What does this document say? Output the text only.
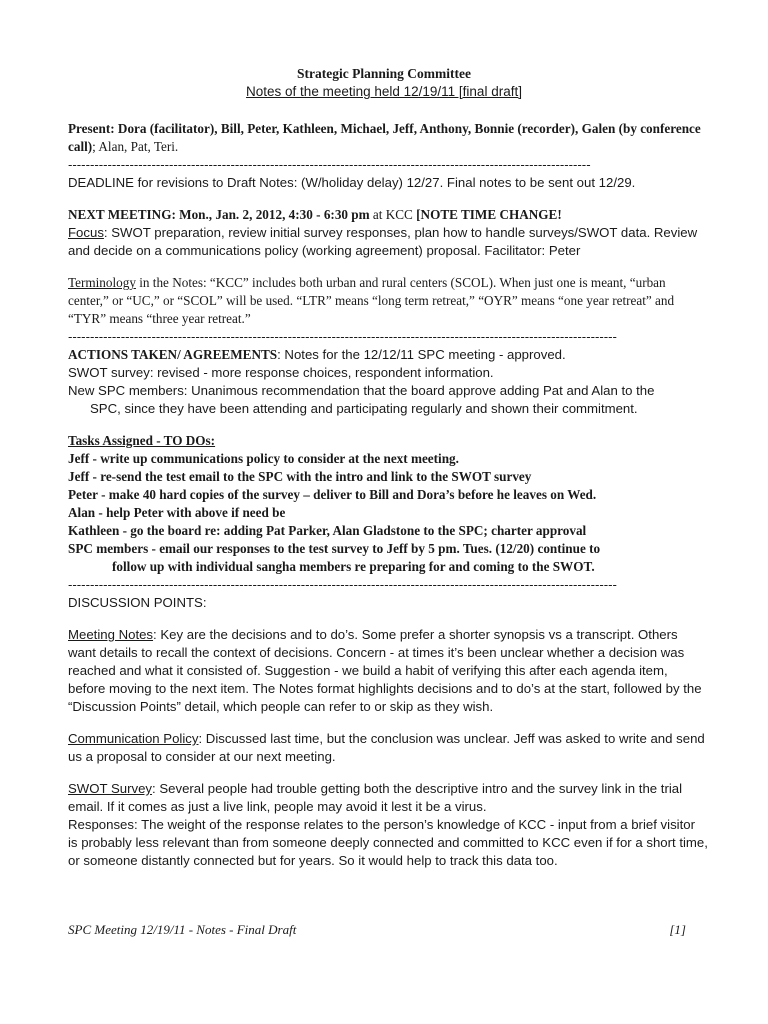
Strategic Planning Committee
Notes of the meeting held 12/19/11 [final draft]

Present: Dora (facilitator), Bill, Peter, Kathleen, Michael, Jeff, Anthony, Bonnie (recorder), Galen (by conference call); Alan, Pat, Teri.

-----------------------------------------------------------------------------------------------------------------------

DEADLINE for revisions to Draft Notes: (W/holiday delay) 12/27. Final notes to be sent out 12/29.

NEXT MEETING: Mon., Jan. 2, 2012, 4:30 - 6:30 pm at KCC [NOTE TIME CHANGE!

Focus: SWOT preparation, review initial survey responses, plan how to handle surveys/SWOT data. Review and decide on a communications policy (working agreement) proposal. Facilitator: Peter

Terminology in the Notes: “KCC” includes both urban and rural centers (SCOL). When just one is meant, “urban center,” or “UC,” or “SCOL” will be used. “LTR” means “long term retreat,” “OYR” means “one year retreat” and “TYR” means “three year retreat.”

-----------------------------------------------------------------------------------------------------------------------------

ACTIONS TAKEN/ AGREEMENTS: Notes for the 12/12/11 SPC meeting - approved.

SWOT survey: revised - more response choices, respondent information.

New SPC members: Unanimous recommendation that the board approve adding Pat and Alan to the

SPC, since they have been attending and participating regularly and shown their commitment.

Tasks Assigned - TO DOs:

Jeff - write up communications policy to consider at the next meeting.

Jeff - re-send the test email to the SPC with the intro and link to the SWOT survey

Peter - make 40 hard copies of the survey – deliver to Bill and Dora’s before he leaves on Wed.

Alan - help Peter with above if need be

Kathleen - go the board re: adding Pat Parker, Alan Gladstone to the SPC; charter approval

SPC members - email our responses to the test survey to Jeff by 5 pm. Tues. (12/20) continue to

follow up with individual sangha members re preparing for and coming to the SWOT.

-----------------------------------------------------------------------------------------------------------------------------

DISCUSSION POINTS:

Meeting Notes: Key are the decisions and to do’s. Some prefer a shorter synopsis vs a transcript. Others want details to recall the context of decisions. Concern - at times it’s been unclear whether a decision was reached and what it consisted of. Suggestion - we build a habit of verifying this after each agenda item, before moving to the next item. The Notes format highlights decisions and to do’s at the start, followed by the “Discussion Points” detail, which people can refer to or skip as they wish.

Communication Policy: Discussed last time, but the conclusion was unclear. Jeff was asked to write and send us a proposal to consider at our next meeting.

SWOT Survey: Several people had trouble getting both the descriptive intro and the survey link in the trial email. If it comes as just a live link, people may avoid it lest it be a virus.

Responses: The weight of the response relates to the person’s knowledge of KCC - input from a brief visitor is probably less relevant than from someone deeply connected and committed to KCC even if for a short time, or someone distantly connected but for years. So it would help to track this data too.

SPC Meeting 12/19/11 - Notes - Final Draft	[1]
